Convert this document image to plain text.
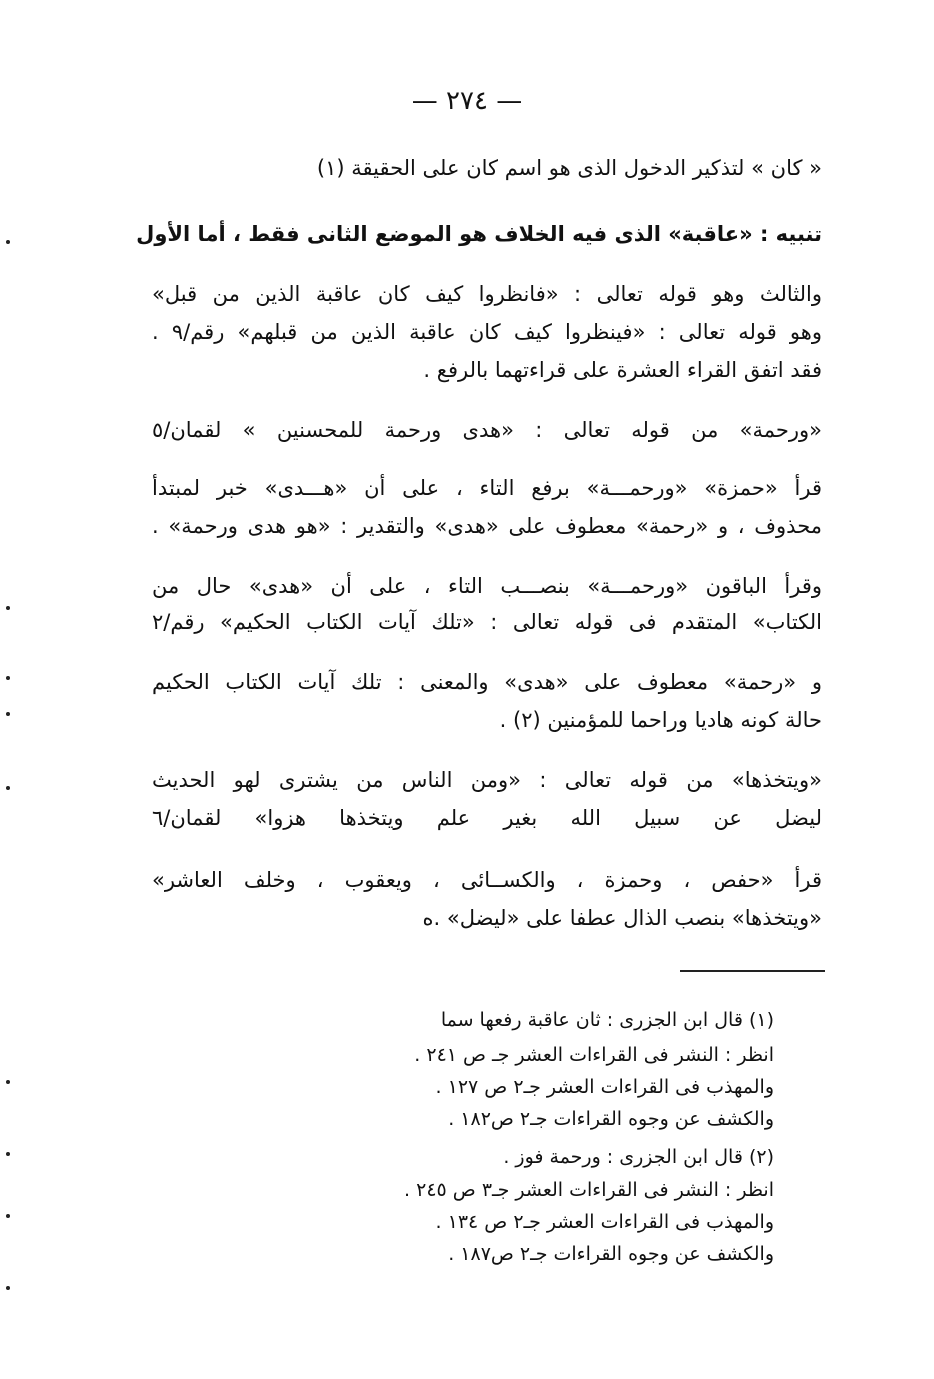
— ٢٧٤ —
« كان » لتذكير الدخول الذى هو اسم كان على الحقيقة (١)
تنبيه : «عاقبة» الذى فيه الخلاف هو الموضع الثانى فقط ، أما الأول
والثالث وهو قوله تعالى : «فانظروا كيف كان عاقبة الذين من قبل»
وهو قوله تعالى : «فينظروا كيف كان عاقبة الذين من قبلهم» رقم/٩ .
فقد اتفق القراء العشرة على قراءتهما بالرفع .
«ورحمة» من قوله تعالى : «هدى ورحمة للمحسنين » لقمان/٥
قرأ «حمزة» «ورحمـــة» برفع التاء ، على أن «هـــدى» خبر لمبتدأ
محذوف ، و «رحمة» معطوف على «هدى» والتقدير : «هو هدى ورحمة» .
وقرأ الباقون «ورحمـــة» بنصـــب التاء ، على أن «هدى» حال من
الكتاب» المتقدم فى قوله تعالى : «تلك آيات الكتاب الحكيم» رقم/٢
و «رحمة» معطوف على «هدى» والمعنى : تلك آيات الكتاب الحكيم
حالة كونه هاديا وراحما للمؤمنين (٢) .
«ويتخذها» من قوله تعالى : «ومن الناس من يشترى لهو الحديث
ليضل عن سبيل الله بغير علم ويتخذها هزوا» لقمان/٦
قرأ «حفص ، وحمزة ، والكســائى ، ويعقوب ، وخلف العاشر»
«ويتخذها» بنصب الذال عطفا على «ليضل» .ه
(١) قال ابن الجزرى : ثان عاقبة رفعها سما
انظر : النشر فى القراءات العشر جـ ص ٢٤١ .
والمهذب فى القراءات العشر جـ٢ ص ١٢٧ .
والكشف عن وجوه القراءات جـ٢ ص١٨٢ .
(٢) قال ابن الجزرى : ورحمة فوز .
انظر : النشر فى القراءات العشر جـ٣ ص ٢٤٥ .
والمهذب فى القراءات العشر جـ٢ ص ١٣٤ .
والكشف عن وجوه القراءات جـ٢ ص١٨٧ .
